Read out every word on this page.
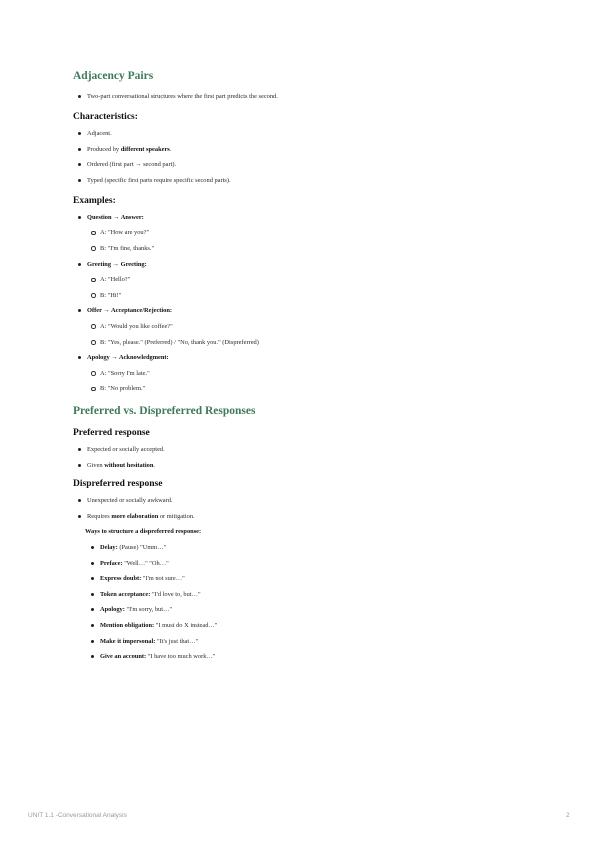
Adjacency Pairs
Two-part conversational structures where the first part predicts the second.
Characteristics:
Adjacent.
Produced by different speakers.
Ordered (first part → second part).
Typed (specific first parts require specific second parts).
Examples:
Question → Answer:
A: "How are you?"
B: "I'm fine, thanks."
Greeting → Greeting:
A: "Hello?"
B: "Hi!"
Offer → Acceptance/Rejection:
A: "Would you like coffee?"
B: "Yes, please." (Preferred) / "No, thank you." (Dispreferred)
Apology → Acknowledgment:
A: "Sorry I'm late."
B: "No problem."
Preferred vs. Dispreferred Responses
Preferred response
Expected or socially accepted.
Given without hesitation.
Dispreferred response
Unexpected or socially awkward.
Requires more elaboration or mitigation.
Ways to structure a dispreferred response:
Delay: (Pause) "Umm…"
Preface: "Well…" "Oh…"
Express doubt: "I'm not sure…"
Token acceptance: "I'd love to, but…"
Apology: "I'm sorry, but…"
Mention obligation: "I must do X instead…"
Make it impersonal: "It's just that…"
Give an account: "I have too much work…"
UNIT 1.1 -Conversational Analysis	2
